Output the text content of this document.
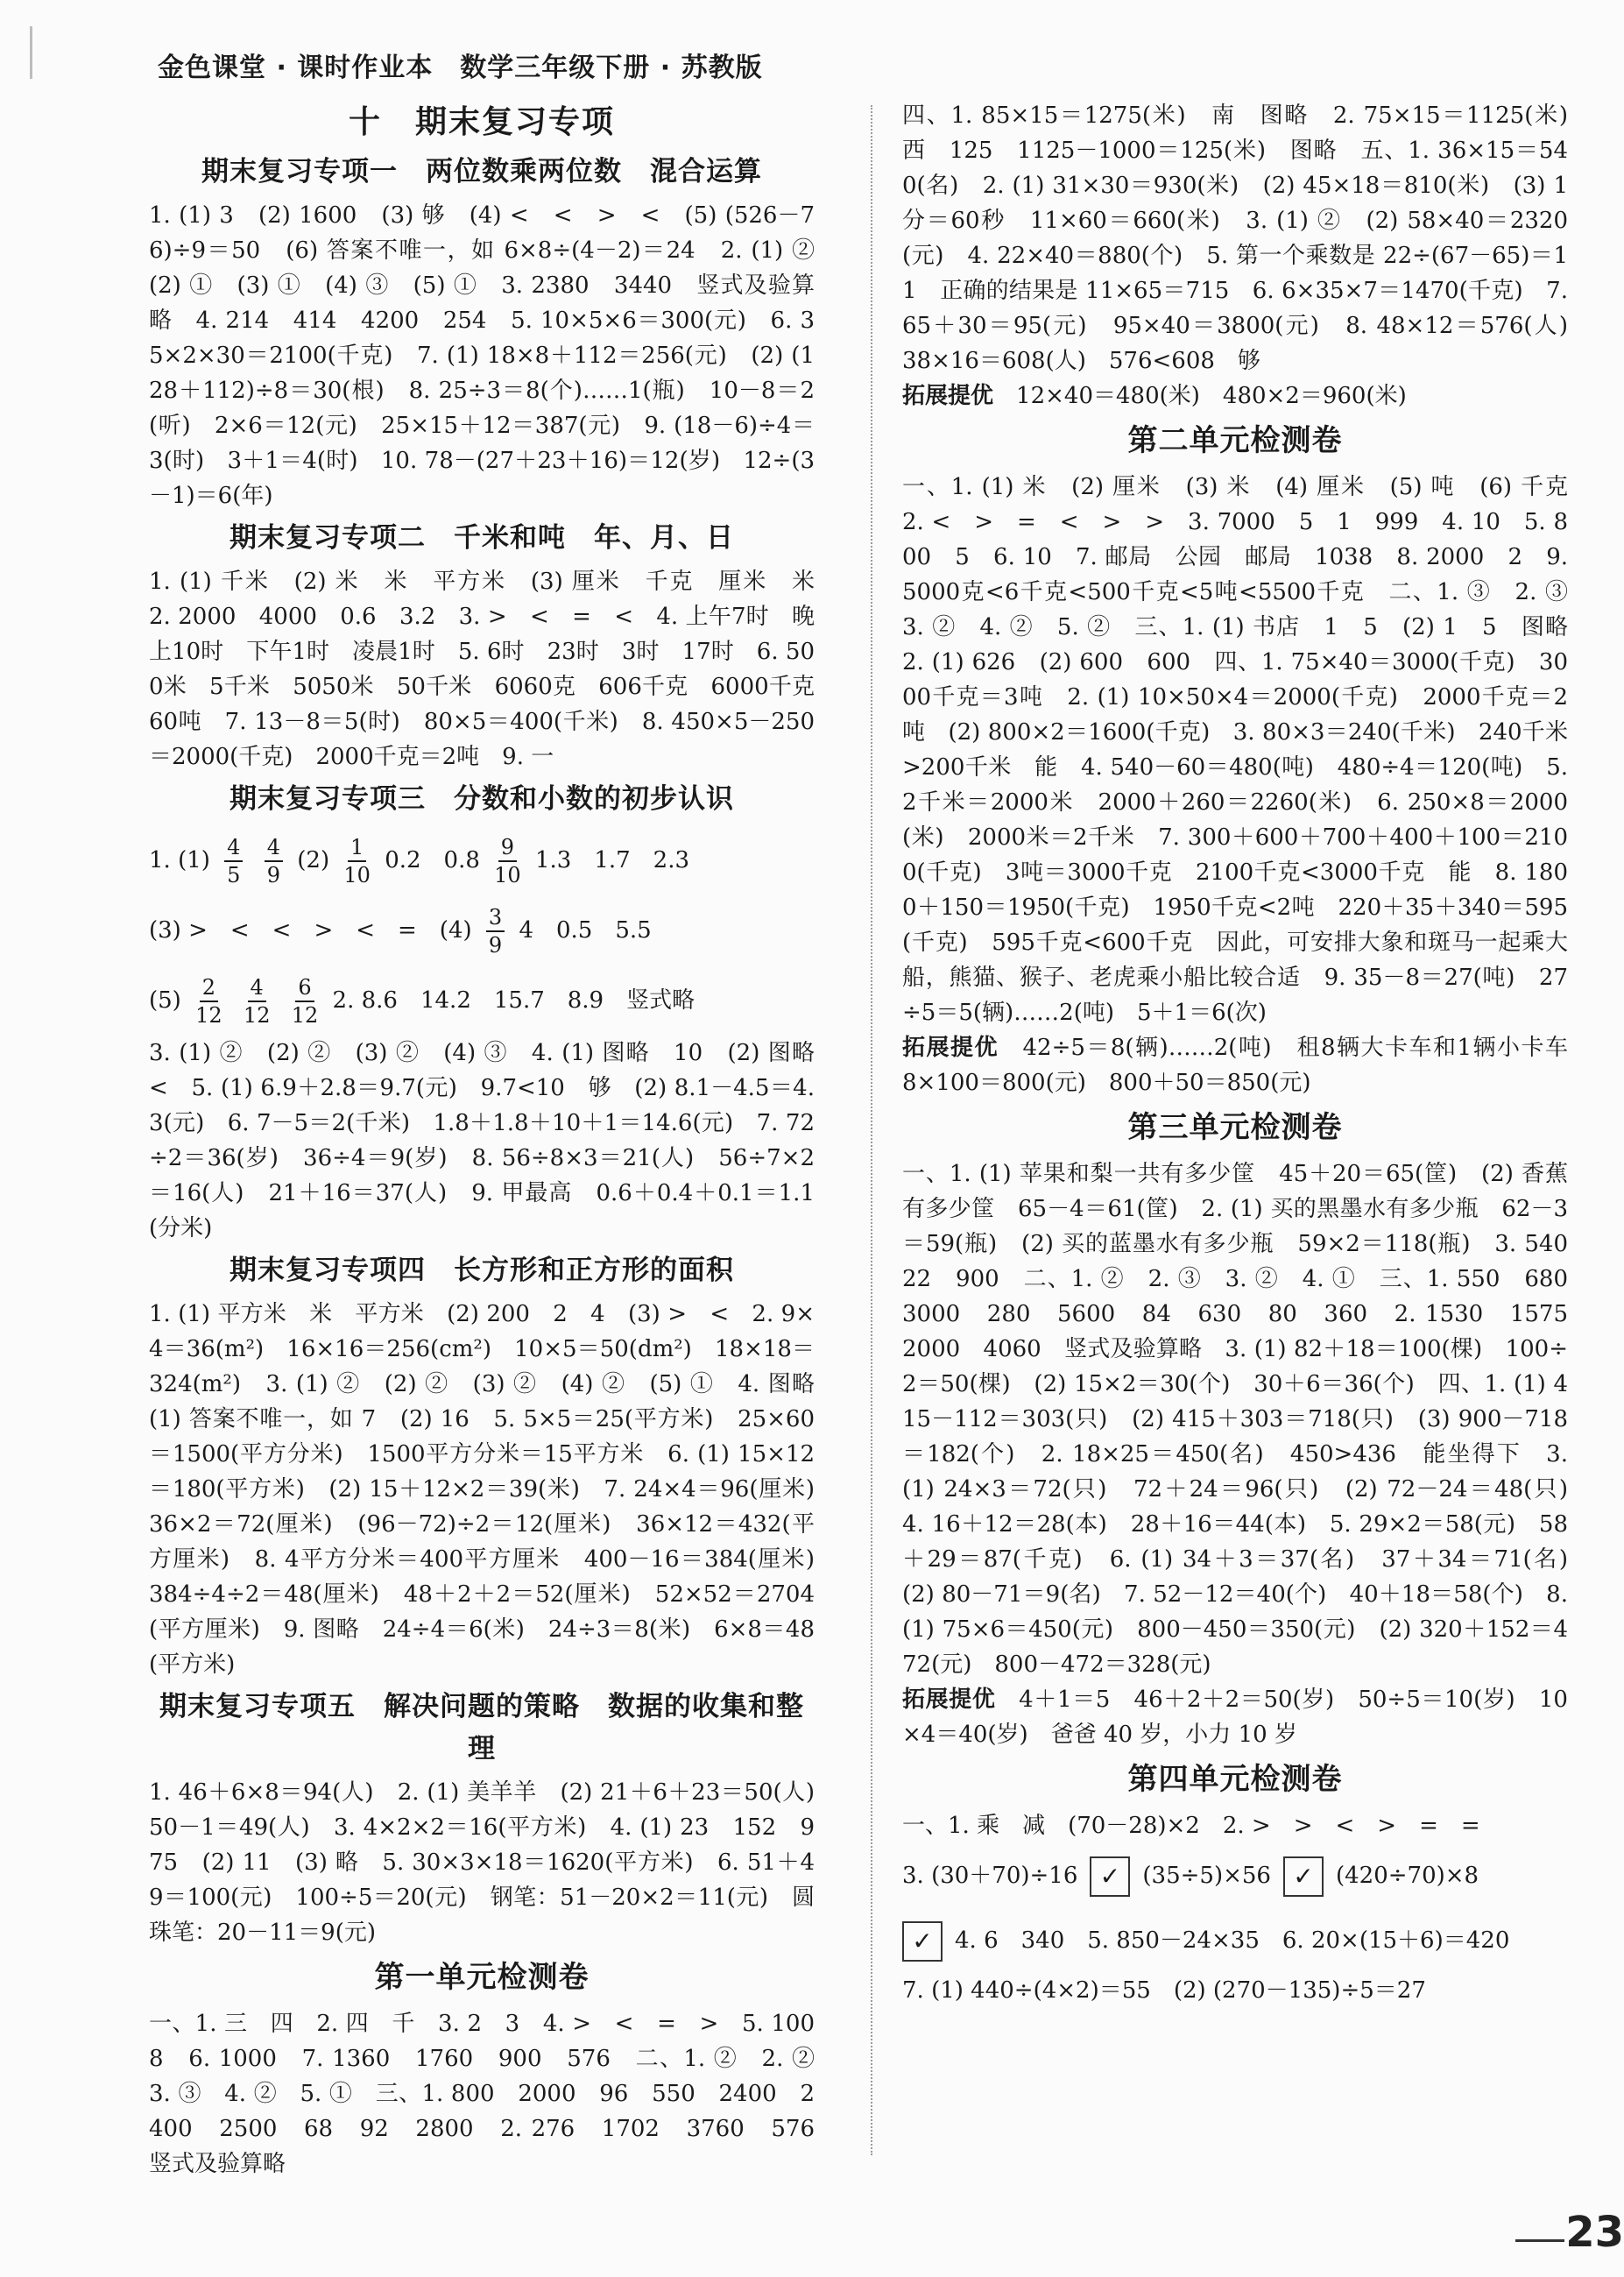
金色课堂 · 课时作业本　数学三年级下册 · 苏教版
十　期末复习专项
期末复习专项一　两位数乘两位数　混合运算

1. (1) 3　(2) 1600　(3) 够　(4) <　<　>　<　(5) (526－76)÷9＝50　(6) 答案不唯一，如 6×8÷(4－2)＝24　2. (1) ②　(2) ①　(3) ①　(4) ③　(5) ①　3. 2380　3440　竖式及验算略　4. 214　414　4200　254　5. 10×5×6＝300(元)　6. 35×2×30＝2100(千克)　7. (1) 18×8＋112＝256(元)　(2) (128＋112)÷8＝30(根)　8. 25÷3＝8(个)……1(瓶)　10－8＝2(听)　2×6＝12(元)　25×15＋12＝387(元)　9. (18－6)÷4＝3(时)　3＋1＝4(时)　10. 78－(27＋23＋16)＝12(岁)　12÷(3－1)＝6(年)

期末复习专项二　千米和吨　年、月、日

1. (1) 千米　(2) 米　米　平方米　(3) 厘米　千克　厘米　米　2. 2000　4000　0.6　3.2　3. >　<　=　<　4. 上午7时　晚上10时　下午1时　凌晨1时　5. 6时　23时　3时　17时　6. 500米　5千米　5050米　50千米　6060克　606千克　6000千克　60吨　7. 13－8＝5(时)　80×5＝400(千米)　8. 450×5－250＝2000(千克)　2000千克＝2吨　9. 一

期末复习专项三　分数和小数的初步认识

1. $(1) \frac{4}{5}$
$\frac{4}{9} (2) \frac{1}{10} 0.2$　$0.8 \frac{9}{10} 1.3$　1.7　2.3

(3) >　<　<　>　<　=　$(4) \frac{3}{9} 4$　0.5　5.5

$(5) \frac{2}{12}$
$\frac{4}{12}$
$\frac{6}{12} 2$. 8.6　14.2　15.7　8.9　竖式略

3. (1) ②　(2) ②　(3) ②　(4) ③　4. (1) 图略　10　(2) 图略　<　5. (1) 6.9＋2.8＝9.7(元)　9.7<10　够　(2) 8.1－4.5＝4.3(元)　6. 7－5＝2(千米)　1.8＋1.8＋10＋1＝14.6(元)　7. 72÷2＝36(岁)　36÷4＝9(岁)　8. 56÷8×3＝21(人)　56÷7×2＝16(人)　21＋16＝37(人)　9. 甲最高　0.6＋0.4＋0.1＝1.1(分米)

期末复习专项四　长方形和正方形的面积

1. (1) 平方米　米　平方米　(2) 200　2　4　(3) >　<　2. 9×4＝36(m²)　16×16＝256(cm²)　10×5＝50(dm²)　18×18＝324(m²)　3. (1) ②　(2) ②　(3) ②　(4) ②　(5) ①　4. 图略　(1) 答案不唯一，如 7　(2) 16　5. 5×5＝25(平方米)　25×60＝1500(平方分米)　1500平方分米＝15平方米　6. (1) 15×12＝180(平方米)　(2) 15＋12×2＝39(米)　7. 24×4＝96(厘米)　36×2＝72(厘米)　(96－72)÷2＝12(厘米)　36×12＝432(平方厘米)　8. 4平方分米＝400平方厘米　400－16＝384(厘米)　384÷4÷2＝48(厘米)　48＋2＋2＝52(厘米)　52×52＝2704(平方厘米)　9. 图略　24÷4＝6(米)　24÷3＝8(米)　6×8＝48(平方米)

期末复习专项五　解决问题的策略　数据的收集和整理

1. 46＋6×8＝94(人)　2. (1) 美羊羊　(2) 21＋6＋23＝50(人)　50－1＝49(人)　3. 4×2×2＝16(平方米)　4. (1) 23　152　9　75　(2) 11　(3) 略　5. 30×3×18＝1620(平方米)　6. 51＋49＝100(元)　100÷5＝20(元)　钢笔：51－20×2＝11(元)　圆珠笔：20－11＝9(元)

第一单元检测卷

一、1. 三　四　2. 四　千　3. 2　3　4. >　<　=　>　5. 1008　6. 1000　7. 1360　1760　900　576　二、1. ②　2. ②　3. ③　4. ②　5. ①　三、1. 800　2000　96　550　2400　2400　2500　68　92　2800　2. 276　1702　3760　576　竖式及验算略

四、1. 85×15＝1275(米)　南　图略　2. 75×15＝1125(米)　西　125　1125－1000＝125(米)　图略　五、1. 36×15＝540(名)　2. (1) 31×30＝930(米)　(2) 45×18＝810(米)　(3) 1分＝60秒　11×60＝660(米)　3. (1) ②　(2) 58×40＝2320(元)　4. 22×40＝880(个)　5. 第一个乘数是 22÷(67－65)＝11　正确的结果是 11×65＝715　6. 6×35×7＝1470(千克)　7. 65＋30＝95(元)　95×40＝3800(元)　8. 48×12＝576(人)　38×16＝608(人)　576<608　够

拓展提优　 12×40＝480(米)　480×2＝960(米)

第二单元检测卷

一、1. (1) 米　(2) 厘米　(3) 米　(4) 厘米　(5) 吨　(6) 千克　2. <　>　=　<　>　>　3. 7000　5　1　999　4. 10　5. 800　5　6. 10　7. 邮局　公园　邮局　1038　8. 2000　2　9. 5000克<6千克<500千克<5吨<5500千克　二、1. ③　2. ③　3. ②　4. ②　5. ②　三、1. (1) 书店　1　5　(2) 1　5　图略　2. (1) 626　(2) 600　600　四、1. 75×40＝3000(千克)　3000千克＝3吨　2. (1) 10×50×4＝2000(千克)　2000千克＝2吨　(2) 800×2＝1600(千克)　3. 80×3＝240(千米)　240千米>200千米　能　4. 540－60＝480(吨)　480÷4＝120(吨)　5. 2千米＝2000米　2000＋260＝2260(米)　6. 250×8＝2000(米)　2000米＝2千米　7. 300＋600＋700＋400＋100＝2100(千克)　3吨＝3000千克　2100千克<3000千克　能　8. 1800＋150＝1950(千克)　1950千克<2吨　220＋35＋340＝595(千克)　595千克<600千克　因此，可安排大象和斑马一起乘大船，熊猫、猴子、老虎乘小船比较合适　9. 35－8＝27(吨)　27÷5＝5(辆)……2(吨)　5＋1＝6(次)

拓展提优　 42÷5＝8(辆)……2(吨)　租8辆大卡车和1辆小卡车　8×100＝800(元)　800＋50＝850(元)

第三单元检测卷

一、1. (1) 苹果和梨一共有多少筐　45＋20＝65(筐)　(2) 香蕉有多少筐　65－4＝61(筐)　2. (1) 买的黑墨水有多少瓶　62－3＝59(瓶)　(2) 买的蓝墨水有多少瓶　59×2＝118(瓶)　3. 540　22　900　二、1. ②　2. ③　3. ②　4. ①　三、1. 550　680　3000　280　5600　84　630　80　360　2. 1530　1575　2000　4060　竖式及验算略　3. (1) 82＋18＝100(棵)　100÷2＝50(棵)　(2) 15×2＝30(个)　30＋6＝36(个)　四、1. (1) 415－112＝303(只)　(2) 415＋303＝718(只)　(3) 900－718＝182(个)　2. 18×25＝450(名)　450>436　能坐得下　3. (1) 24×3＝72(只)　72＋24＝96(只)　(2) 72－24＝48(只)　4. 16＋12＝28(本)　28＋16＝44(本)　5. 29×2＝58(元)　58＋29＝87(千克)　6. (1) 34＋3＝37(名)　37＋34＝71(名)　(2) 80－71＝9(名)　7. 52－12＝40(个)　40＋18＝58(个)　8. (1) 75×6＝450(元)　800－450＝350(元)　(2) 320＋152＝472(元)　800－472＝328(元)

拓展提优　 4＋1＝5　46＋2＋2＝50(岁)　50÷5＝10(岁)　10×4＝40(岁)　爸爸 40 岁，小力 10 岁

第四单元检测卷

一、1. 乘　减　(70－28)×2　2. >　>　<　>　=　=

3. (30＋70)÷16 ✓ (35÷5)×56 ✓ (420÷70)×8

✓ 4. 6　340　5. 850－24×35　6. 20×(15＋6)＝420

7. (1) 440÷(4×2)＝55　(2) (270－135)÷5＝27

23
